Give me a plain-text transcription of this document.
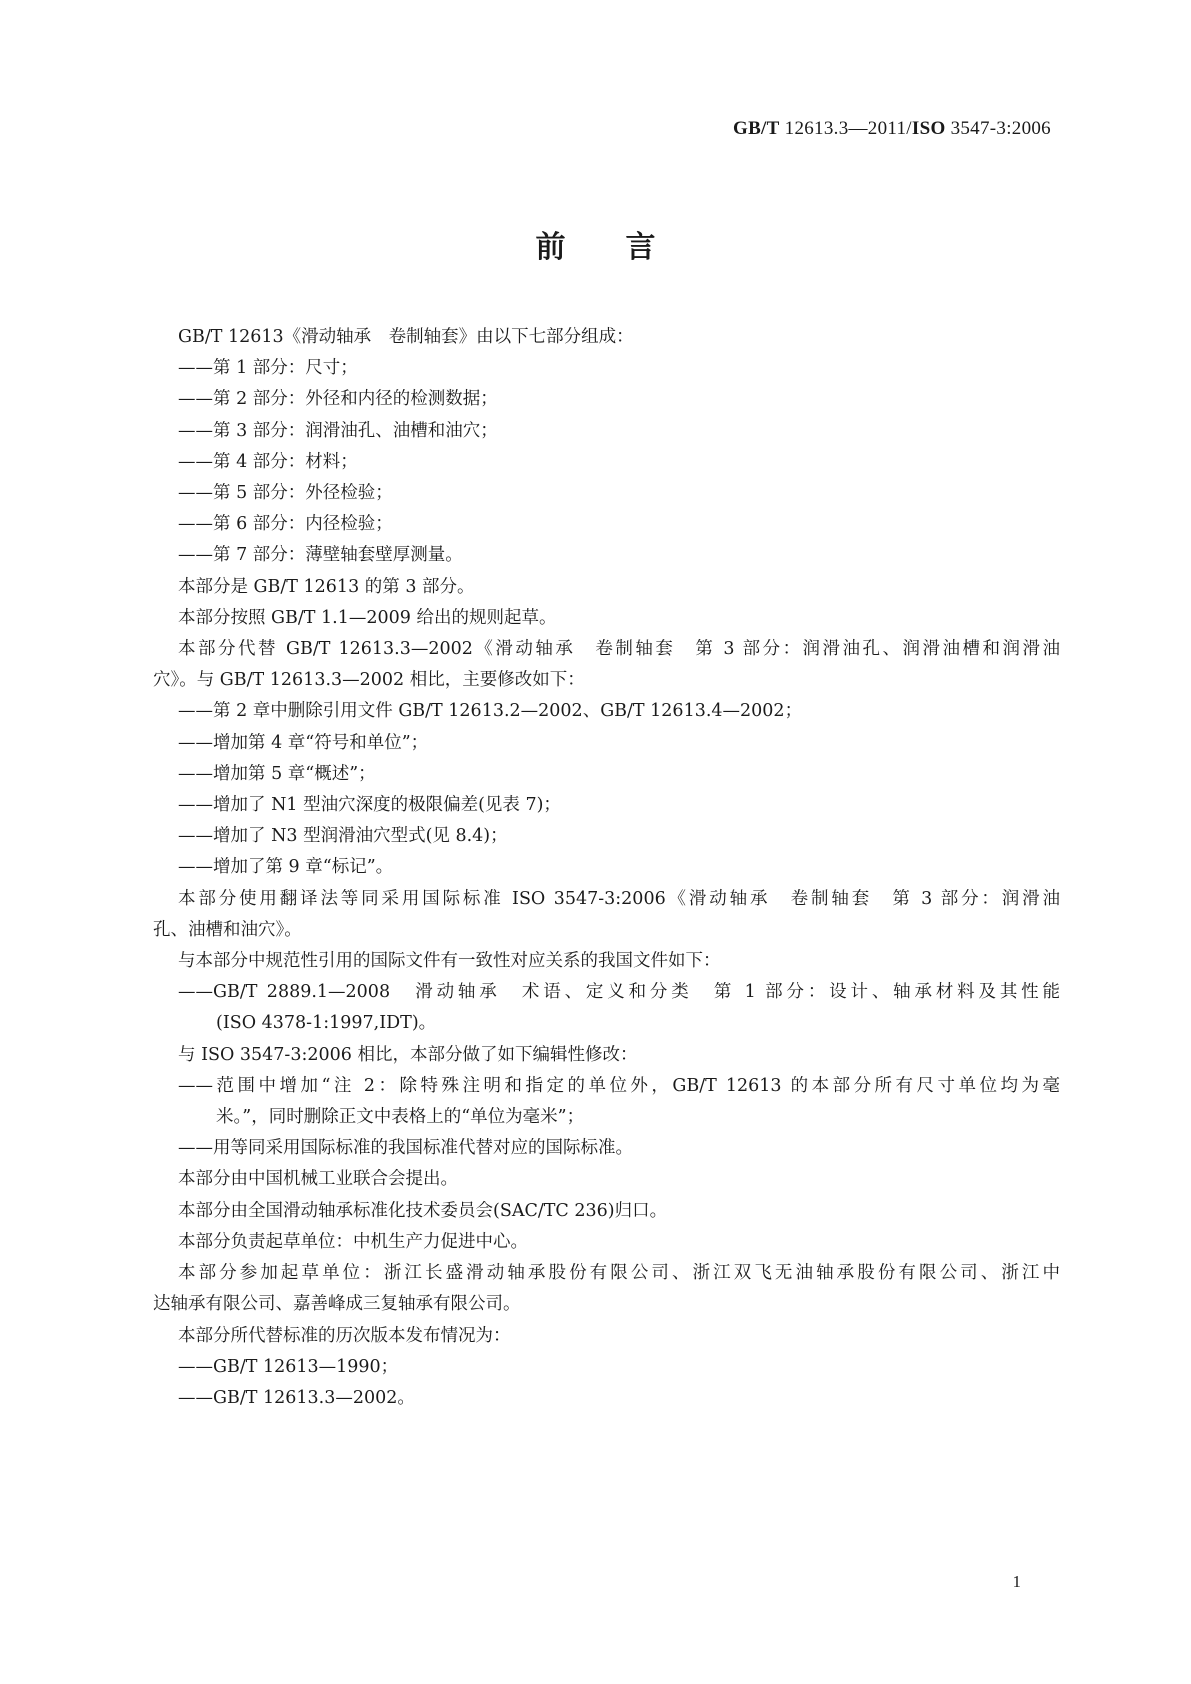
GB/T 12613.3—2011/ISO 3547-3:2006
前 言

GB/T 12613《滑动轴承　卷制轴套》由以下七部分组成：

——第 1 部分：尺寸；

——第 2 部分：外径和内径的检测数据；

——第 3 部分：润滑油孔、油槽和油穴；

——第 4 部分：材料；

——第 5 部分：外径检验；

——第 6 部分：内径检验；

——第 7 部分：薄壁轴套壁厚测量。

本部分是 GB/T 12613 的第 3 部分。

本部分按照 GB/T 1.1—2009 给出的规则起草。

本部分代替 GB/T 12613.3—2002《滑动轴承　卷制轴套　第 3 部分：润滑油孔、润滑油槽和润滑油

穴》。与 GB/T 12613.3—2002 相比，主要修改如下：

——第 2 章中删除引用文件 GB/T 12613.2—2002、GB/T 12613.4—2002；

——增加第 4 章“符号和单位”；

——增加第 5 章“概述”；

——增加了 N1 型油穴深度的极限偏差(见表 7)；

——增加了 N3 型润滑油穴型式(见 8.4)；

——增加了第 9 章“标记”。

本部分使用翻译法等同采用国际标准 ISO 3547-3:2006《滑动轴承　卷制轴套　第 3 部分：润滑油

孔、油槽和油穴》。

与本部分中规范性引用的国际文件有一致性对应关系的我国文件如下：

——GB/T 2889.1—2008　滑动轴承　术语、定义和分类　第 1 部分：设计、轴承材料及其性能

(ISO 4378-1:1997,IDT)。

与 ISO 3547-3:2006 相比，本部分做了如下编辑性修改：

——范围中增加“注 2：除特殊注明和指定的单位外，GB/T 12613 的本部分所有尺寸单位均为毫

米。”，同时删除正文中表格上的“单位为毫米”；

——用等同采用国际标准的我国标准代替对应的国际标准。

本部分由中国机械工业联合会提出。

本部分由全国滑动轴承标准化技术委员会(SAC/TC 236)归口。

本部分负责起草单位：中机生产力促进中心。

本部分参加起草单位：浙江长盛滑动轴承股份有限公司、浙江双飞无油轴承股份有限公司、浙江中

达轴承有限公司、嘉善峰成三复轴承有限公司。

本部分所代替标准的历次版本发布情况为：

——GB/T 12613—1990；

——GB/T 12613.3—2002。

1
